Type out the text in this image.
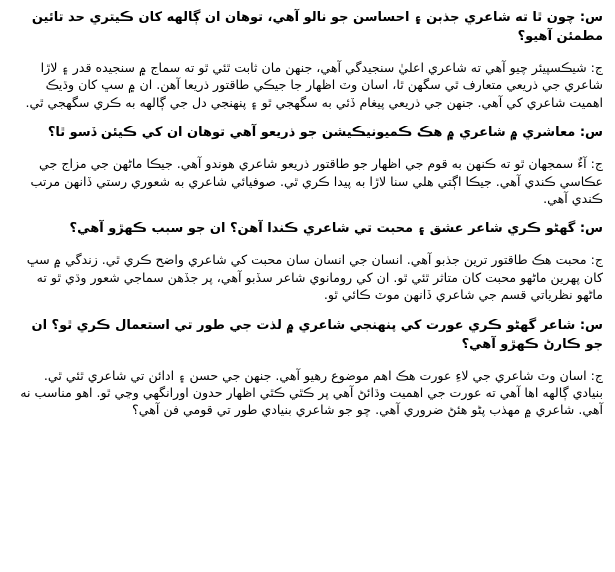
س: چون ٿا ته شاعري جذبن ۽ احساسن جو نالو آهي، توهان ان ڳالهه کان ڪيتري حد تائين مطمئن آهيو؟

ج: شيڪسپيئر چيو آهي ته شاعري اعليٰ سنجيدگي آهي، جنهن مان ثابت ٿئي ٿو ته سماج ۾ سنجيده قدر ۽ لاڙا شاعري جي ذريعي متعارف ٿي سگهن ٿا، اسان وٽ اظهار جا جيڪي طاقتور ذريعا آهن. ان ۾ سڀ کان وڌيڪ اهميت شاعري کي آهي. جنهن جي ذريعي پيغام ڏئي به سگهجي ٿو ۽ پنهنجي دل جي ڳالهه به ڪري سگهجي ٿي.

س: معاشري ۾ شاعري ۾ هڪ ڪميونيڪيشن جو ذريعو آهي توهان ان کي ڪيئن ڏسو ٿا؟

ج: آءٌ سمجهان ٿو ته ڪنهن به قوم جي اظهار جو طاقتور ذريعو شاعري هوندو آهي. جيڪا ماڻهن جي مزاج جي عڪاسي ڪندي آهي. جيڪا اڳتي هلي سنا لاڙا به پيدا ڪري ٿي. صوفيائي شاعري به شعوري رستي ڏانهن مرتب ڪندي آهي.

س: گهڻو ڪري شاعر عشق ۽ محبت تي شاعري ڪندا آهن؟ ان جو سبب ڪهڙو آهي؟

ج: محبت هڪ طاقتور ترين جذبو آهي. انسان جي انسان سان محبت کي شاعري واضح ڪري ٿي. زندگي ۾ سڀ کان پهرين ماڻهو محبت کان متاثر ٿئي ٿو. ان کي رومانوي شاعر سڏبو آهي، پر جڏهن سماجي شعور وڌي ٿو ته ماڻهو نظرياتي قسم جي شاعري ڏانهن موٽ ڪائي ٿو.

س: شاعر گهڻو ڪري عورت کي پنهنجي شاعري ۾ لذت جي طور تي استعمال ڪري ٿو؟ ان جو ڪارڻ ڪهڙو آهي؟

ج: اسان وٽ شاعري جي لاءِ عورت هڪ اهم موضوع رهيو آهي. جنهن جي حسن ۽ ادائن تي شاعري ٿئي ٿي. بنيادي ڳالهه اها آهي ته عورت جي اهميت وڌائڻ آهي پر ڪٿي ڪٿي اظهار حدون اورانگهي وڃي ٿو. اهو مناسب نه آهي. شاعري ۾ مهذب پڻو هئڻ ضروري آهي. چو جو شاعري بنيادي طور تي قومي فن آهي؟
